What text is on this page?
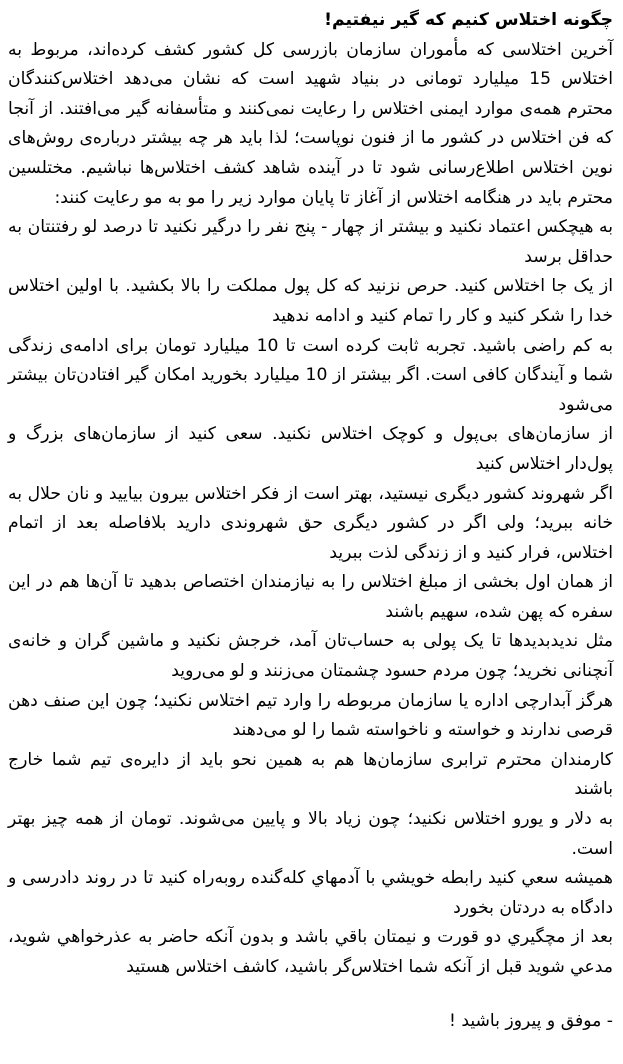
چگونه اختلاس کنیم که گیر نیفتیم!

آخرین اختلاسی که مأموران سازمان بازرسی کل کشور کشف کرده‌اند، مربوط به اختلاس 15 میلیارد تومانی در بنیاد شهید است که نشان می‌دهد اختلاس‌کنندگان محترم همه‌ی موارد ایمنی اختلاس را رعایت نمی‌کنند و متأسفانه گیر می‌افتند. از آنجا که فن اختلاس در کشور ما از فنون نوپاست؛ لذا باید هر چه بیشتر درباره‌ی روش‌های نوین اختلاس اطلاع‌رسانی شود تا در آینده شاهد کشف اختلاس‌ها نباشیم. مختلسین محترم باید در هنگامه اختلاس از آغاز تا پایان موارد زیر را مو به مو رعایت کنند:

به هیچکس اعتماد نکنید و بیشتر از چهار - پنج نفر را درگیر نکنید تا درصد لو رفتنتان به حداقل برسد

از یک جا اختلاس کنید. حرص نزنید که کل پول مملکت را بالا بکشید. با اولین اختلاس خدا را شکر کنید و کار را تمام کنید و ادامه ندهید

به کم راضی باشید. تجربه ثابت کرده است تا 10 میلیارد تومان برای ادامه‌ی زندگی شما و آیندگان کافی است. اگر بیشتر از 10 میلیارد بخورید امکان گیر افتادن‌تان بیشتر می‌شود

از سازمان‌های بی‌پول و کوچک اختلاس نکنید. سعی کنید از سازمان‌های بزرگ و پول‌دار اختلاس کنید

اگر شهروند کشور دیگری نیستید، بهتر است از فکر اختلاس بیرون بیایید و نان حلال به خانه ببرید؛ ولی اگر در کشور دیگری حق شهروندی دارید بلافاصله بعد از اتمام اختلاس، فرار کنید و از زندگی لذت ببرید

از همان اول بخشی از مبلغ اختلاس را به نیازمندان اختصاص بدهید تا آن‌ها هم در این سفره که پهن شده، سهیم باشند

مثل ندیدبدیدها تا یک پولی به حساب‌تان آمد، خرجش نکنید و ماشین گران و خانه‌ی آنچنانی نخرید؛ چون مردم حسود چشمتان می‌زنند و لو می‌روید

هرگز آبدارچی اداره یا سازمان مربوطه را وارد تیم اختلاس نکنید؛ چون این صنف دهن قرصی ندارند و خواسته و ناخواسته شما را لو می‌دهند

کارمندان محترم ترابری سازمان‌ها هم به همین نحو باید از دایره‌ی تیم شما خارج باشند

به دلار و یورو اختلاس نکنید؛ چون زیاد بالا و پایین می‌شوند. تومان از همه چیز بهتر است.

همیشه سعي کنید رابطه خویشي با آدمهاي کله‌گنده روبه‌راه کنید تا در روند دادرسی و دادگاه به دردتان بخورد

بعد از مچگیري دو قورت و نیمتان باقي باشد و بدون آنکه حاضر به عذرخواهي شوید، مدعي شوید قبل از آنکه شما اختلاس‌گر باشید، کاشف اختلاس هستید

- موفق و پیروز باشید !
